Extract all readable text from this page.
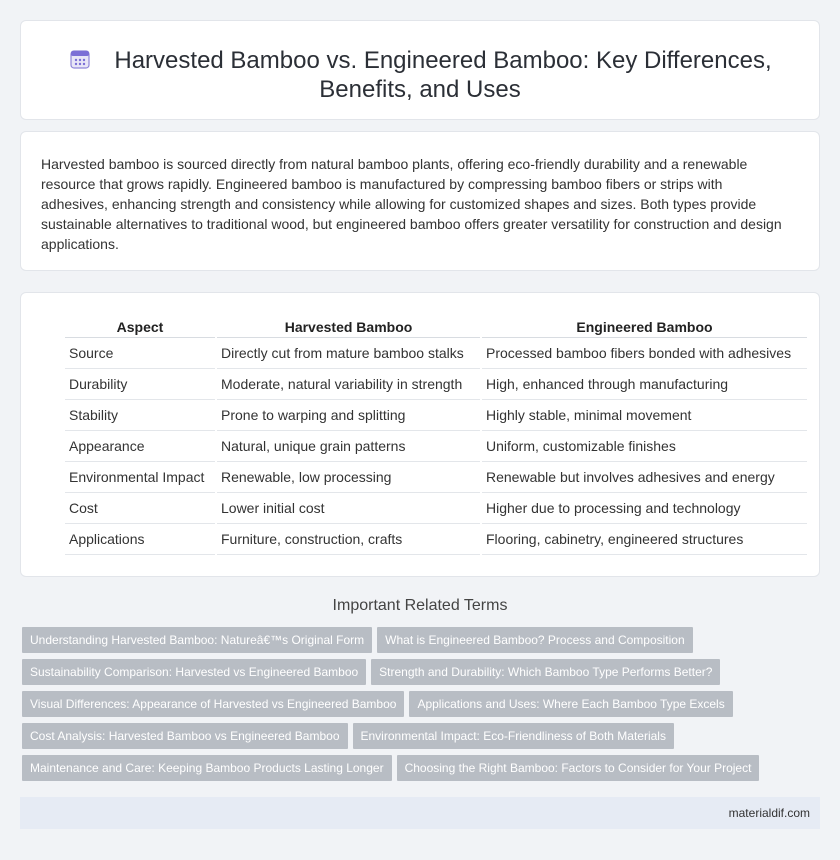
Harvested Bamboo vs. Engineered Bamboo: Key Differences, Benefits, and Uses

Harvested bamboo is sourced directly from natural bamboo plants, offering eco-friendly durability and a renewable resource that grows rapidly. Engineered bamboo is manufactured by compressing bamboo fibers or strips with adhesives, enhancing strength and consistency while allowing for customized shapes and sizes. Both types provide sustainable alternatives to traditional wood, but engineered bamboo offers greater versatility for construction and design applications.

Aspect	Harvested Bamboo	Engineered Bamboo
Source	Directly cut from mature bamboo stalks	Processed bamboo fibers bonded with adhesives
Durability	Moderate, natural variability in strength	High, enhanced through manufacturing
Stability	Prone to warping and splitting	Highly stable, minimal movement
Appearance	Natural, unique grain patterns	Uniform, customizable finishes
Environmental Impact	Renewable, low processing	Renewable but involves adhesives and energy
Cost	Lower initial cost	Higher due to processing and technology
Applications	Furniture, construction, crafts	Flooring, cabinetry, engineered structures
Important Related Terms
Understanding Harvested Bamboo: Natureâ€™s Original Form What is Engineered Bamboo? Process and Composition
Sustainability Comparison: Harvested vs Engineered Bamboo Strength and Durability: Which Bamboo Type Performs Better?
Visual Differences: Appearance of Harvested vs Engineered Bamboo Applications and Uses: Where Each Bamboo Type Excels
Cost Analysis: Harvested Bamboo vs Engineered Bamboo Environmental Impact: Eco-Friendliness of Both Materials
Maintenance and Care: Keeping Bamboo Products Lasting Longer Choosing the Right Bamboo: Factors to Consider for Your Project
materialdif.com
